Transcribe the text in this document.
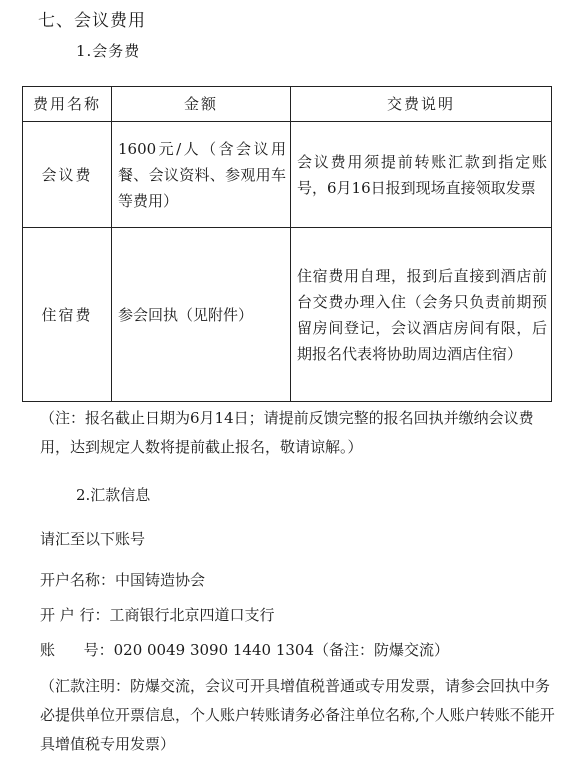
七、会议费用
1.会务费
费用名称	金额	交费说明
会议费	1600元/人（含会议用餐、会议资料、参观用车等费用）	会议费用须提前转账汇款到指定账号，6月16日报到现场直接领取发票
住宿费	参会回执（见附件）	住宿费用自理，报到后直接到酒店前台交费办理入住（会务只负责前期预留房间登记，会议酒店房间有限，后期报名代表将协助周边酒店住宿）
（注：报名截止日期为6月14日；请提前反馈完整的报名回执并缴纳会议费用，达到规定人数将提前截止报名，敬请谅解。）
2.汇款信息
请汇至以下账号
开户名称：中国铸造协会
开 户 行：工商银行北京四道口支行
账      号：020 0049 3090 1440 1304（备注：防爆交流）
（汇款注明：防爆交流，会议可开具增值税普通或专用发票，请参会回执中务必提供单位开票信息，个人账户转账请务必备注单位名称,个人账户转账不能开具增值税专用发票）
